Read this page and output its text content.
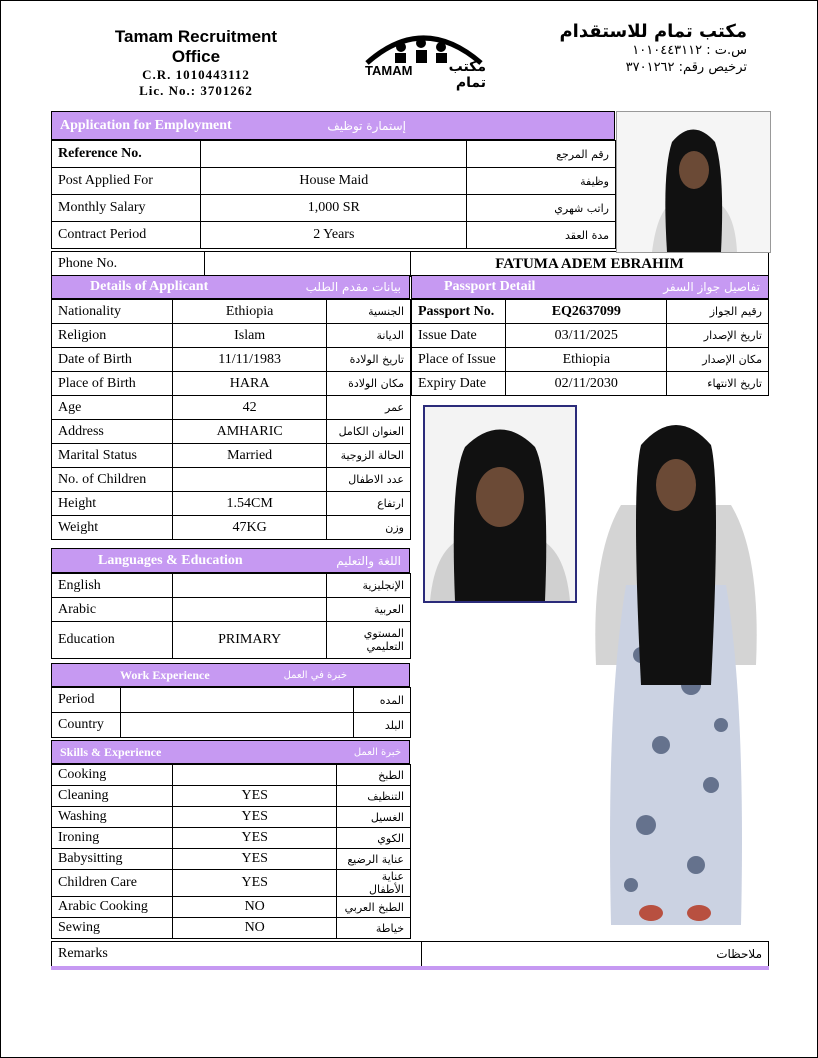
Tamam Recruitment Office
C.R. 1010443112
Lic. No.: 3701262
TAMAM	مكتب تمام
مكتب تمام للاستقدام
س.ت : ١٠١٠٤٤٣١١٢
ترخيص رقم: ٣٧٠١٢٦٢
Application for Employment	إستمارة توظيف
Reference No.		رقم المرجع
Post Applied For	House Maid	وظيفة
Monthly Salary	1,000 SR	راتب شهري
Contract Period	2 Years	مدة العقد
Phone No.		FATUMA ADEM EBRAHIM
Details of Applicant	بيانات مقدم الطلب
Nationality	Ethiopia	الجنسية
Religion	Islam	الديانة
Date of Birth	11/11/1983	تاريخ الولادة
Place of Birth	HARA	مكان الولادة
Age	42	عمر
Address	AMHARIC	العنوان الكامل
Marital Status	Married	الحالة الزوجية
No. of Children		عدد الاطفال
Height	1.54CM	ارتفاع
Weight	47KG	وزن
Passport Detail	تفاصيل جواز السفر
Passport No.	EQ2637099	رقيم الجواز
Issue Date	03/11/2025	تاريخ الإصدار
Place of Issue	Ethiopia	مكان الإصدار
Expiry Date	02/11/2030	تاريخ الانتهاء
Languages & Education	اللغة والتعليم
English		الإنجليزية
Arabic		العربية
Education	PRIMARY	المستوي التعليمي
Work Experience	خبرة في العمل
Period		المده
Country		البلد
Skills & Experience	خبرة العمل
Cooking		الطبخ
Cleaning	YES	التنظيف
Washing	YES	الغسيل
Ironing	YES	الكوي
Babysitting	YES	عناية الرضيع
Children Care	YES	عناية الأطفال
Arabic Cooking	NO	الطبخ العربي
Sewing	NO	خياطة
Remarks	ملاحظات
